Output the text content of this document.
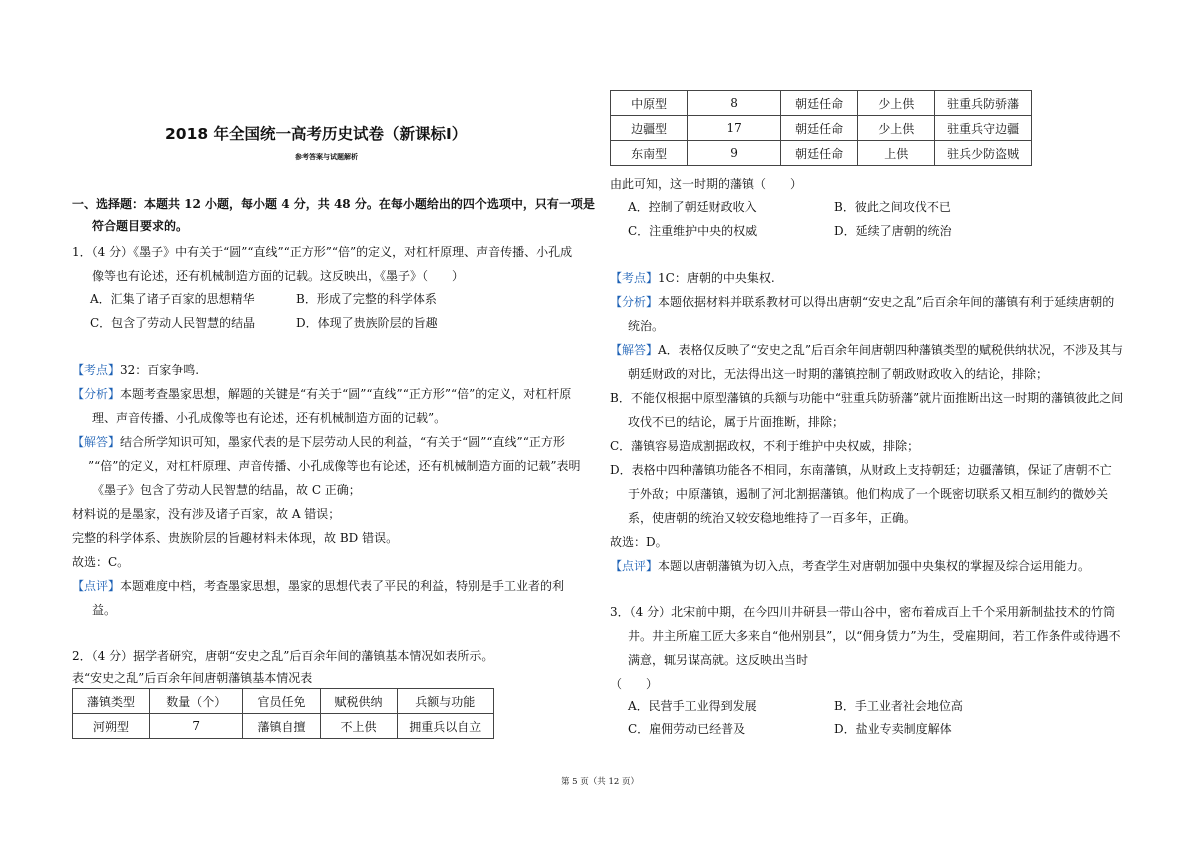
2018 年全国统一高考历史试卷（新课标Ⅰ）
参考答案与试题解析
一、选择题：本题共 12 小题，每小题 4 分，共 48 分。在每小题给出的四个选项中，只有一项是
符合题目要求的。
1．（4 分）《墨子》中有关于“圆”“直线”“正方形”“倍”的定义，对杠杆原理、声音传播、小孔成
像等也有论述，还有机械制造方面的记载。这反映出，《墨子》（　　）
A．汇集了诸子百家的思想精华	B．形成了完整的科学体系
C．包含了劳动人民智慧的结晶	D．体现了贵族阶层的旨趣
【考点】32：百家争鸣.
【分析】本题考查墨家思想，解题的关键是“有关于“圆”“直线”“正方形”“倍”的定义，对杠杆原
理、声音传播、小孔成像等也有论述，还有机械制造方面的记载”。
【解答】结合所学知识可知，墨家代表的是下层劳动人民的利益，“有关于“圆”“直线”“正方形
”“倍”的定义，对杠杆原理、声音传播、小孔成像等也有论述，还有机械制造方面的记载”表明
《墨子》包含了劳动人民智慧的结晶，故 C 正确；
材料说的是墨家，没有涉及诸子百家，故 A 错误；
完整的科学体系、贵族阶层的旨趣材料未体现，故 BD 错误。
故选：C。
【点评】本题难度中档，考查墨家思想，墨家的思想代表了平民的利益，特别是手工业者的利
益。
2．（4 分）据学者研究，唐朝“安史之乱”后百余年间的藩镇基本情况如表所示。
表“安史之乱”后百余年间唐朝藩镇基本情况表
藩镇类型	数量（个）	官员任免	赋税供纳	兵额与功能
河朔型	7	藩镇自擅	不上供	拥重兵以自立
中原型	8	朝廷任命	少上供	驻重兵防骄藩
边疆型	17	朝廷任命	少上供	驻重兵守边疆
东南型	9	朝廷任命	上供	驻兵少防盗贼
由此可知，这一时期的藩镇（　　）
A．控制了朝廷财政收入	B．彼此之间攻伐不已
C．注重维护中央的权威	D．延续了唐朝的统治
【考点】1C：唐朝的中央集权.
【分析】本题依据材料并联系教材可以得出唐朝“安史之乱”后百余年间的藩镇有利于延续唐朝的
统治。
【解答】A．表格仅反映了“安史之乱”后百余年间唐朝四种藩镇类型的赋税供纳状况，不涉及其与
朝廷财政的对比，无法得出这一时期的藩镇控制了朝政财政收入的结论，排除；
B．不能仅根据中原型藩镇的兵额与功能中“驻重兵防骄藩”就片面推断出这一时期的藩镇彼此之间
攻伐不已的结论，属于片面推断，排除；
C．藩镇容易造成割据政权，不利于维护中央权威，排除；
D．表格中四种藩镇功能各不相同，东南藩镇，从财政上支持朝廷；边疆藩镇，保证了唐朝不亡
于外敌；中原藩镇，遏制了河北割据藩镇。他们构成了一个既密切联系又相互制约的微妙关
系，使唐朝的统治又较安稳地维持了一百多年，正确。
故选：D。
【点评】本题以唐朝藩镇为切入点，考查学生对唐朝加强中央集权的掌握及综合运用能力。
3．（4 分）北宋前中期，在今四川井研县一带山谷中，密布着成百上千个采用新制盐技术的竹筒
井。井主所雇工匠大多来自“他州别县”，以“佣身赁力”为生，受雇期间，若工作条件或待遇不
满意，辄另谋高就。这反映出当时
（　　）
A．民营手工业得到发展	B．手工业者社会地位高
C．雇佣劳动已经普及	D．盐业专卖制度解体
第 5 页（共 12 页）
